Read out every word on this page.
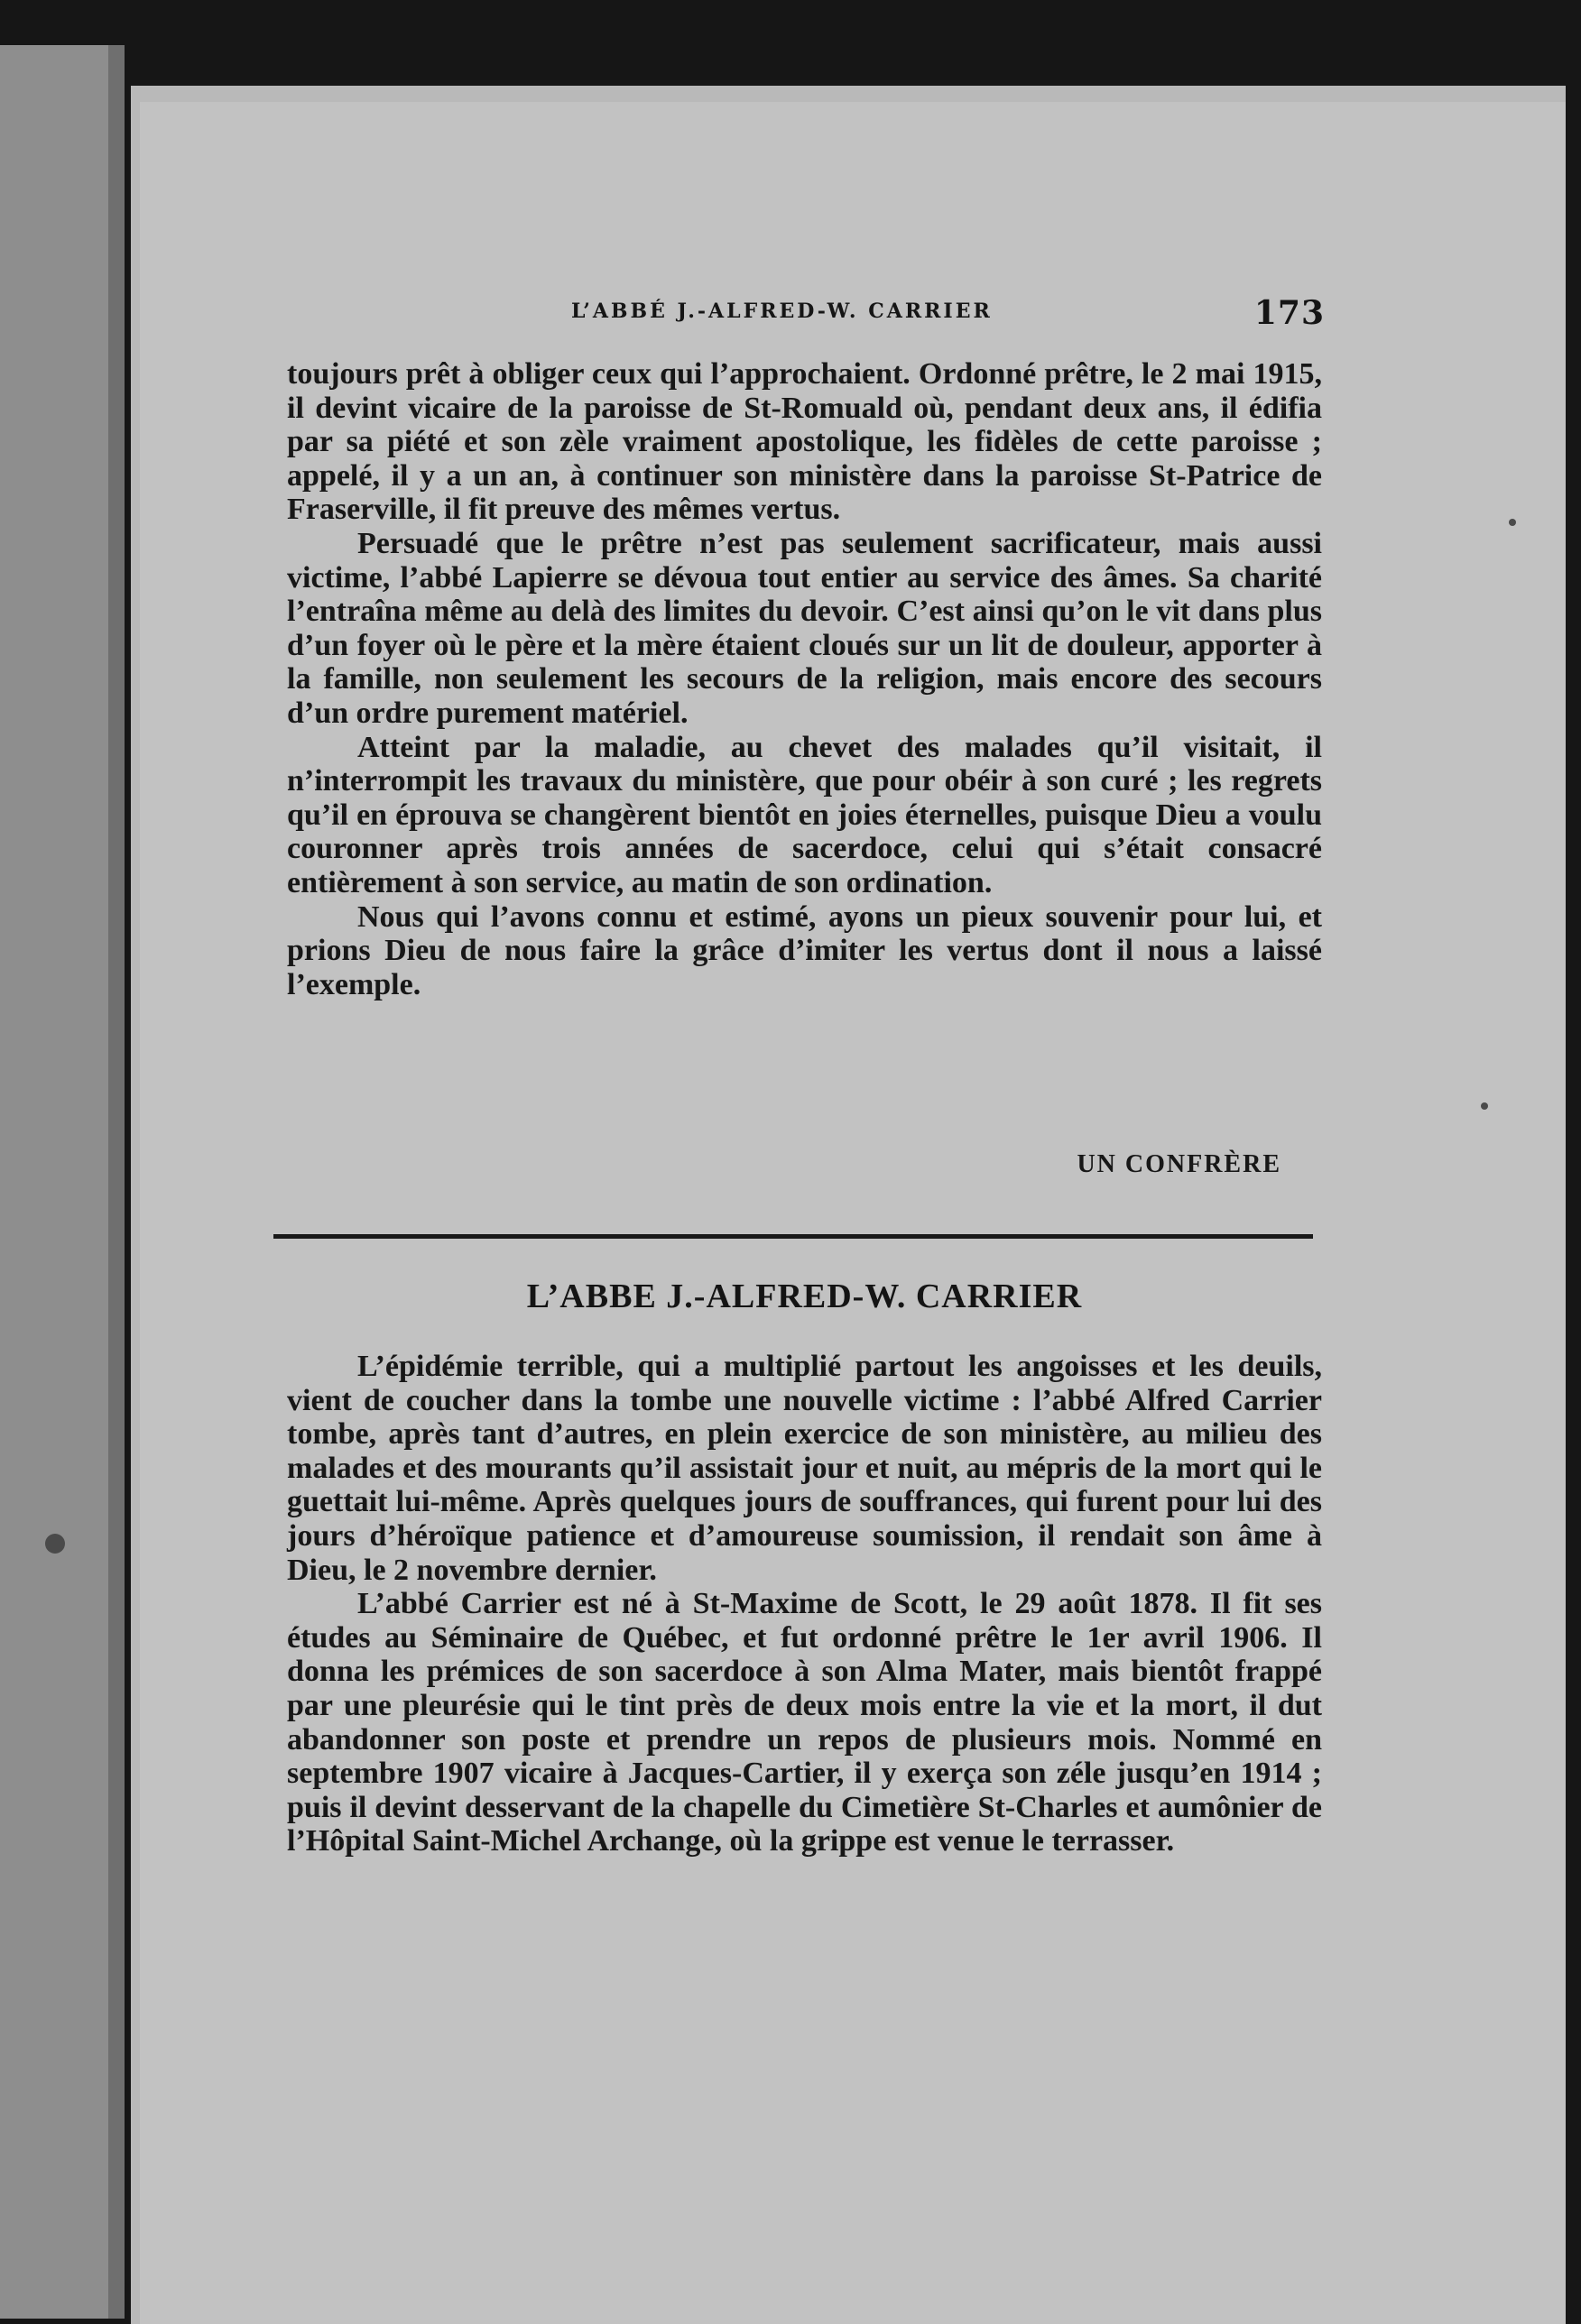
L’ABBÉ J.-ALFRED-W. CARRIER	173

toujours prêt à obliger ceux qui l’approchaient. Ordonné prêtre, le 2 mai 1915, il devint vicaire de la paroisse de St-Romuald où, pendant deux ans, il édifia par sa piété et son zèle vraiment apostolique, les fidèles de cette paroisse ; appelé, il y a un an, à continuer son ministère dans la paroisse St-Patrice de Fraserville, il fit preuve des mêmes vertus.

Persuadé que le prêtre n’est pas seulement sacrificateur, mais aussi victime, l’abbé Lapierre se dévoua tout entier au service des âmes. Sa charité l’entraîna même au delà des limites du devoir. C’est ainsi qu’on le vit dans plus d’un foyer où le père et la mère étaient cloués sur un lit de douleur, apporter à la famille, non seulement les secours de la religion, mais encore des secours d’un ordre purement matériel.

Atteint par la maladie, au chevet des malades qu’il visitait, il n’interrompit les travaux du ministère, que pour obéir à son curé ; les regrets qu’il en éprouva se changèrent bientôt en joies éternelles, puisque Dieu a voulu couronner après trois années de sacerdoce, celui qui s’était consacré entièrement à son service, au matin de son ordination.

Nous qui l’avons connu et estimé, ayons un pieux souvenir pour lui, et prions Dieu de nous faire la grâce d’imiter les vertus dont il nous a laissé l’exemple.

UN CONFRÈRE
L’ABBE J.-ALFRED-W. CARRIER

L’épidémie terrible, qui a multiplié partout les angoisses et les deuils, vient de coucher dans la tombe une nouvelle victime : l’abbé Alfred Carrier tombe, après tant d’autres, en plein exercice de son ministère, au milieu des malades et des mourants qu’il assistait jour et nuit, au mépris de la mort qui le guettait lui-même. Après quelques jours de souffrances, qui furent pour lui des jours d’héroïque patience et d’amoureuse soumission, il rendait son âme à Dieu, le 2 novembre dernier.

L’abbé Carrier est né à St-Maxime de Scott, le 29 août 1878. Il fit ses études au Séminaire de Québec, et fut ordonné prêtre le 1er avril 1906. Il donna les prémices de son sacerdoce à son Alma Mater, mais bientôt frappé par une pleurésie qui le tint près de deux mois entre la vie et la mort, il dut abandonner son poste et prendre un repos de plusieurs mois. Nommé en septembre 1907 vicaire à Jacques-Cartier, il y exerça son zéle jusqu’en 1914 ; puis il devint desservant de la chapelle du Cimetière St-Charles et aumônier de l’Hôpital Saint-Michel Archange, où la grippe est venue le terrasser.
